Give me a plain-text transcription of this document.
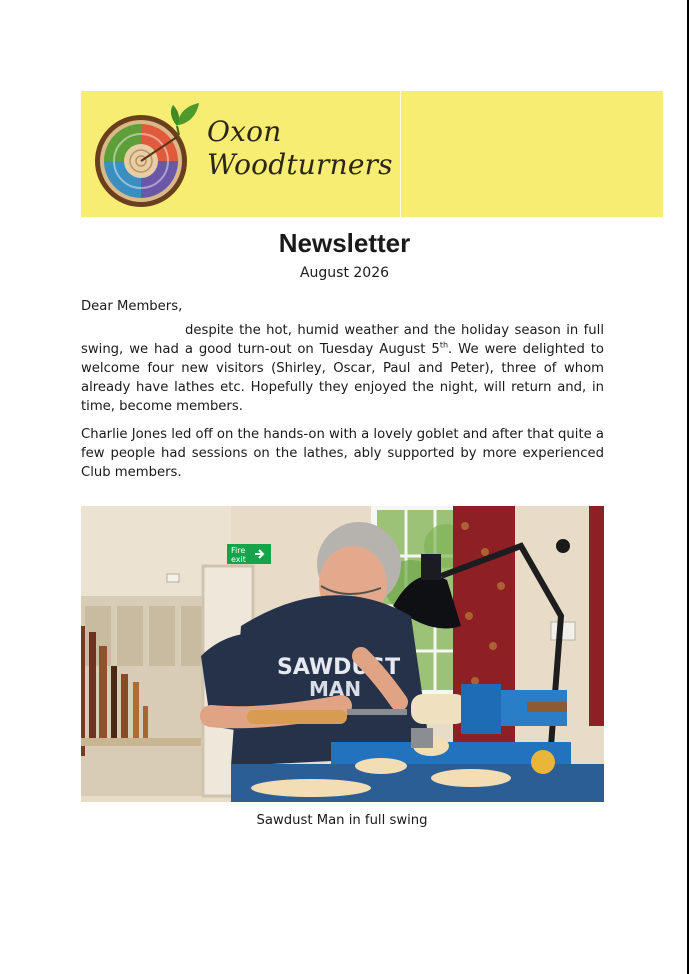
Oxon
Woodturners
Newsletter
August 2026
Dear Members,
despite the hot, humid weather and the holiday season in full swing, we had a good turn-out on Tuesday August 5th. We were delighted to welcome four new visitors (Shirley, Oscar, Paul and Peter), three of whom already have lathes etc. Hopefully they enjoyed the night, will return and, in time, become members.
Charlie Jones led off on the hands-on with a lovely goblet and after that quite a few people had sessions on the lathes, ably supported by more experienced Club members.
Fire
exit
SAWDUST
MAN
Sawdust Man in full swing
